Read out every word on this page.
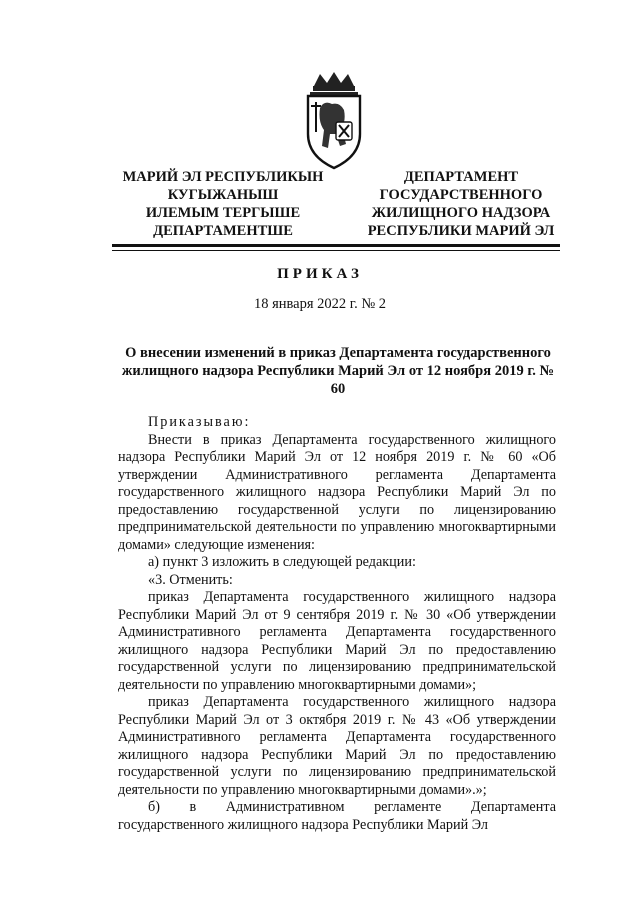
МАРИЙ ЭЛ РЕСПУБЛИКЫН
КУГЫЖАНЫШ
ИЛЕМЫМ ТЕРГЫШЕ
ДЕПАРТАМЕНТШЕ
ДЕПАРТАМЕНТ
ГОСУДАРСТВЕННОГО
ЖИЛИЩНОГО НАДЗОРА
РЕСПУБЛИКИ МАРИЙ ЭЛ
ПРИКАЗ
18 января 2022 г. № 2
О внесении изменений в приказ Департамента государственного
жилищного надзора Республики Марий Эл от 12 ноября 2019 г. № 60

Приказываю:

Внести в приказ Департамента государственного жилищного надзора Республики Марий Эл от 12 ноября 2019 г. № 60 «Об утверждении Административного регламента Департамента государственного жилищного надзора Республики Марий Эл по предоставлению государственной услуги по лицензированию предпринимательской деятельности по управлению многоквартирными домами» следующие изменения:

а) пункт 3 изложить в следующей редакции:

«3. Отменить:

приказ Департамента государственного жилищного надзора Республики Марий Эл от 9 сентября 2019 г. № 30 «Об утверждении Административного регламента Департамента государственного жилищного надзора Республики Марий Эл по предоставлению государственной услуги по лицензированию предпринимательской деятельности по управлению многоквартирными домами»;

приказ Департамента государственного жилищного надзора Республики Марий Эл от 3 октября 2019 г. № 43 «Об утверждении Административного регламента Департамента государственного жилищного надзора Республики Марий Эл по предоставлению государственной услуги по лицензированию предпринимательской деятельности по управлению многоквартирными домами».»;

б) в Административном регламенте Департамента государственного жилищного надзора Республики Марий Эл
